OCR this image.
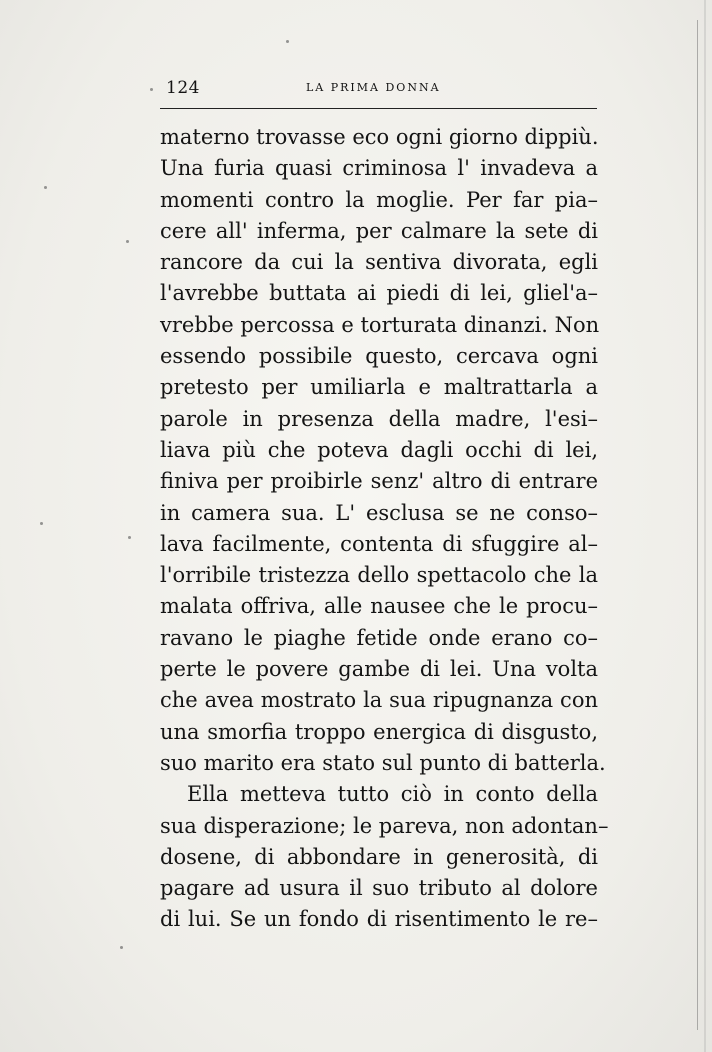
124	LA PRIMA DONNA
materno trovasse eco ogni giorno dippiù.
Una furia quasi criminosa l' invadeva a
momenti contro la moglie. Per far pia–
cere all' inferma, per calmare la sete di
rancore da cui la sentiva divorata, egli
l'avrebbe buttata ai piedi di lei, gliel'a–
vrebbe percossa e torturata dinanzi. Non
essendo possibile questo, cercava ogni
pretesto per umiliarla e maltrattarla a
parole in presenza della madre, l'esi–
liava più che poteva dagli occhi di lei,
finiva per proibirle senz' altro di entrare
in camera sua. L' esclusa se ne conso–
lava facilmente, contenta di sfuggire al–
l'orribile tristezza dello spettacolo che la
malata offriva, alle nausee che le procu–
ravano le piaghe fetide onde erano co–
perte le povere gambe di lei. Una volta
che avea mostrato la sua ripugnanza con
una smorfia troppo energica di disgusto,
suo marito era stato sul punto di batterla.
Ella metteva tutto ciò in conto della
sua disperazione; le pareva, non adontan–
dosene, di abbondare in generosità, di
pagare ad usura il suo tributo al dolore
di lui. Se un fondo di risentimento le re–
